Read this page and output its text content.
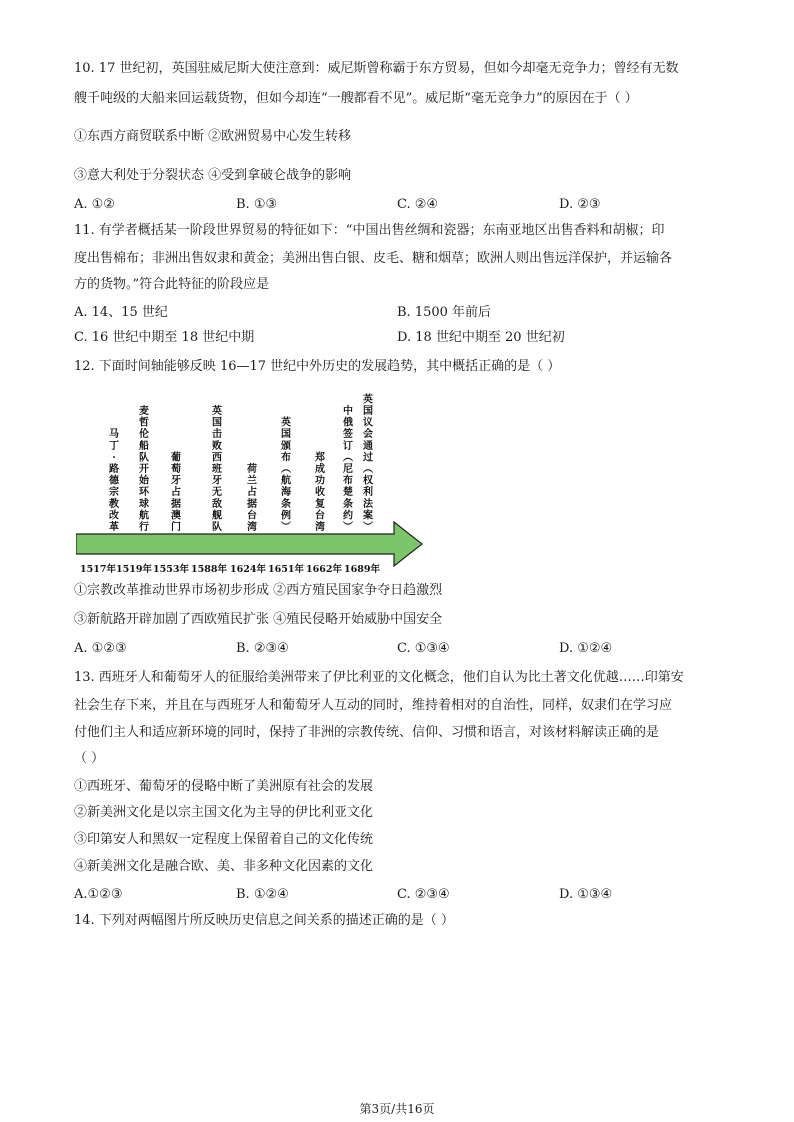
10. 17 世纪初，英国驻威尼斯大使注意到：威尼斯曾称霸于东方贸易，但如今却毫无竞争力；曾经有无数
艘千吨级的大船来回运载货物，但如今却连“一艘都看不见”。威尼斯“毫无竞争力”的原因在于（ ）
①东西方商贸联系中断 ②欧洲贸易中心发生转移
③意大利处于分裂状态 ④受到拿破仑战争的影响
A. ①②	B. ①③	C. ②④	D. ②③
11. 有学者概括某一阶段世界贸易的特征如下：“中国出售丝绸和瓷器；东南亚地区出售香料和胡椒；印
度出售棉布；非洲出售奴隶和黄金；美洲出售白银、皮毛、糖和烟草；欧洲人则出售远洋保护，并运输各
方的货物。”符合此特征的阶段应是
A. 14、15 世纪	B. 1500 年前后
C. 16 世纪中期至 18 世纪中期	D. 18 世纪中期至 20 世纪初
12. 下面时间轴能够反映 16—17 世纪中外历史的发展趋势，其中概括正确的是（ ）
马
丁
·
路
德
宗
教
改
革
麦
哲
伦
船
队
开
始
环
球
航
行
葡
萄
牙
占
据
澳
门
英
国
击
败
西
班
牙
无
敌
舰
队
荷
兰
占
据
台
湾
英
国
颁
布
︵
航
海
条
例
︶
郑
成
功
收
复
台
湾
中
俄
签
订
︵
尼
布
楚
条
约
︶
英
国
议
会
通
过
︵
权
利
法
案
︶
1517年 1519年 1553年 1588年 1624年 1651年 1662年 1689年
①宗教改革推动世界市场初步形成 ②西方殖民国家争夺日趋激烈
③新航路开辟加剧了西欧殖民扩张 ④殖民侵略开始威胁中国安全
A. ①②③	B. ②③④	C. ①③④	D. ①②④
13. 西班牙人和葡萄牙人的征服给美洲带来了伊比利亚的文化概念，他们自认为比土著文化优越……印第安
社会生存下来，并且在与西班牙人和葡萄牙人互动的同时，维持着相对的自治性，同样，奴隶们在学习应
付他们主人和适应新环境的同时，保持了非洲的宗教传统、信仰、习惯和语言，对该材料解读正确的是
（ ）
①西班牙、葡萄牙的侵略中断了美洲原有社会的发展
②新美洲文化是以宗主国文化为主导的伊比利亚文化
③印第安人和黑奴一定程度上保留着自己的文化传统
④新美洲文化是融合欧、美、非多种文化因素的文化
A.①②③	B. ①②④	C. ②③④	D. ①③④
14. 下列对两幅图片所反映历史信息之间关系的描述正确的是（ ）
第3页/共16页
